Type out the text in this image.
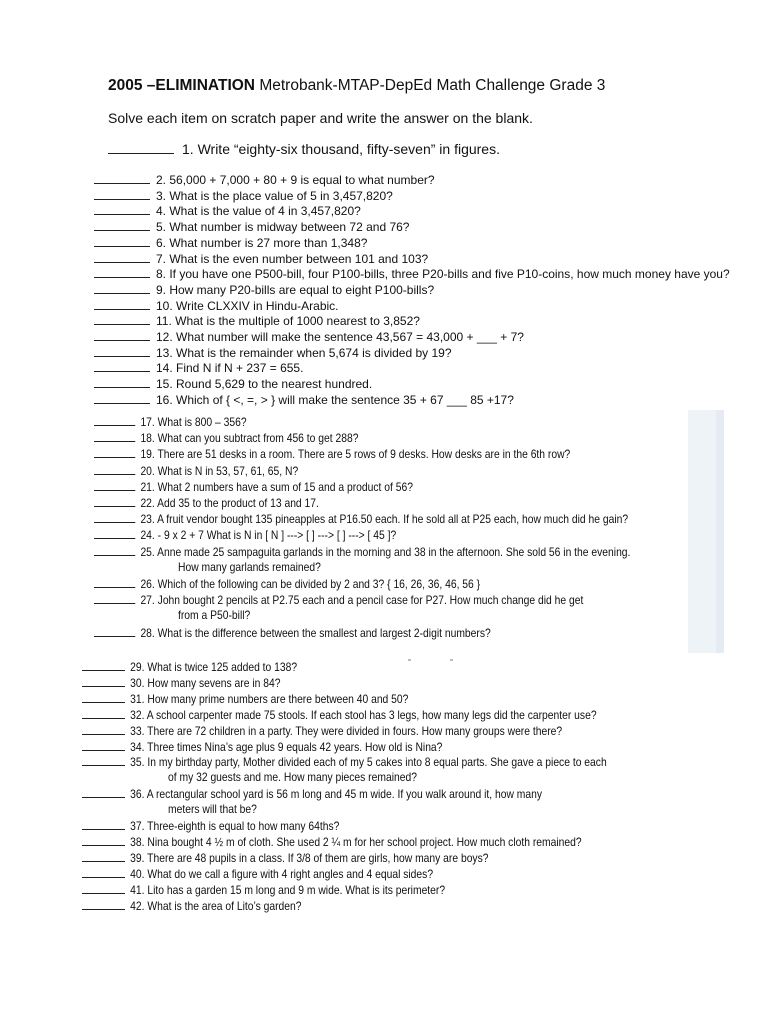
2005 –ELIMINATION Metrobank-MTAP-DepEd Math Challenge Grade 3
Solve each item on scratch paper and write the answer on the blank.
1. Write “eighty-six thousand, fifty-seven” in figures.
2. 56,000 + 7,000 + 80 + 9 is equal to what number?
3. What is the place value of 5 in 3,457,820?
4. What is the value of 4 in 3,457,820?
5. What number is midway between 72 and 76?
6. What number is 27 more than 1,348?
7. What is the even number between 101 and 103?
8. If you have one P500-bill, four P100-bills, three P20-bills and five P10-coins, how much money have you?
9. How many P20-bills are equal to eight P100-bills?
10. Write CLXXIV in Hindu-Arabic.
11. What is the multiple of 1000 nearest to 3,852?
12. What number will make the sentence 43,567 = 43,000 + ___ + 7?
13. What is the remainder when 5,674 is divided by 19?
14. Find N if N + 237 = 655.
15. Round 5,629 to the nearest hundred.
16. Which of { <, =, > } will make the sentence 35 + 67 ___ 85 +17?
17. What is 800 – 356?
18. What can you subtract from 456 to get 288?
19. There are 51 desks in a room. There are 5 rows of 9 desks. How desks are in the 6th row?
20. What is N in 53, 57, 61, 65, N?
21. What 2 numbers have a sum of 15 and a product of 56?
22. Add 35 to the product of 13 and 17.
23. A fruit vendor bought 135 pineapples at P16.50 each. If he sold all at P25 each, how much did he gain?
24. - 9 x 2 + 7 What is N in [ N ] ---> [ ] ---> [ ] ---> [ 45 ]?
25. Anne made 25 sampaguita garlands in the morning and 38 in the afternoon. She sold 56 in the evening.
How many garlands remained?
26. Which of the following can be divided by 2 and 3? { 16, 26, 36, 46, 56 }
27. John bought 2 pencils at P2.75 each and a pencil case for P27. How much change did he get
from a P50-bill?
28. What is the difference between the smallest and largest 2-digit numbers?
29. What is twice 125 added to 138?
30. How many sevens are in 84?
31. How many prime numbers are there between 40 and 50?
32. A school carpenter made 75 stools. If each stool has 3 legs, how many legs did the carpenter use?
33. There are 72 children in a party. They were divided in fours. How many groups were there?
34. Three times Nina’s age plus 9 equals 42 years. How old is Nina?
35. In my birthday party, Mother divided each of my 5 cakes into 8 equal parts. She gave a piece to each
of my 32 guests and me. How many pieces remained?
36. A rectangular school yard is 56 m long and 45 m wide. If you walk around it, how many
meters will that be?
37. Three-eighth is equal to how many 64ths?
38. Nina bought 4 ½ m of cloth. She used 2 ¼ m for her school project. How much cloth remained?
39. There are 48 pupils in a class. If 3/8 of them are girls, how many are boys?
40. What do we call a figure with 4 right angles and 4 equal sides?
41. Lito has a garden 15 m long and 9 m wide. What is its perimeter?
42. What is the area of Lito’s garden?
